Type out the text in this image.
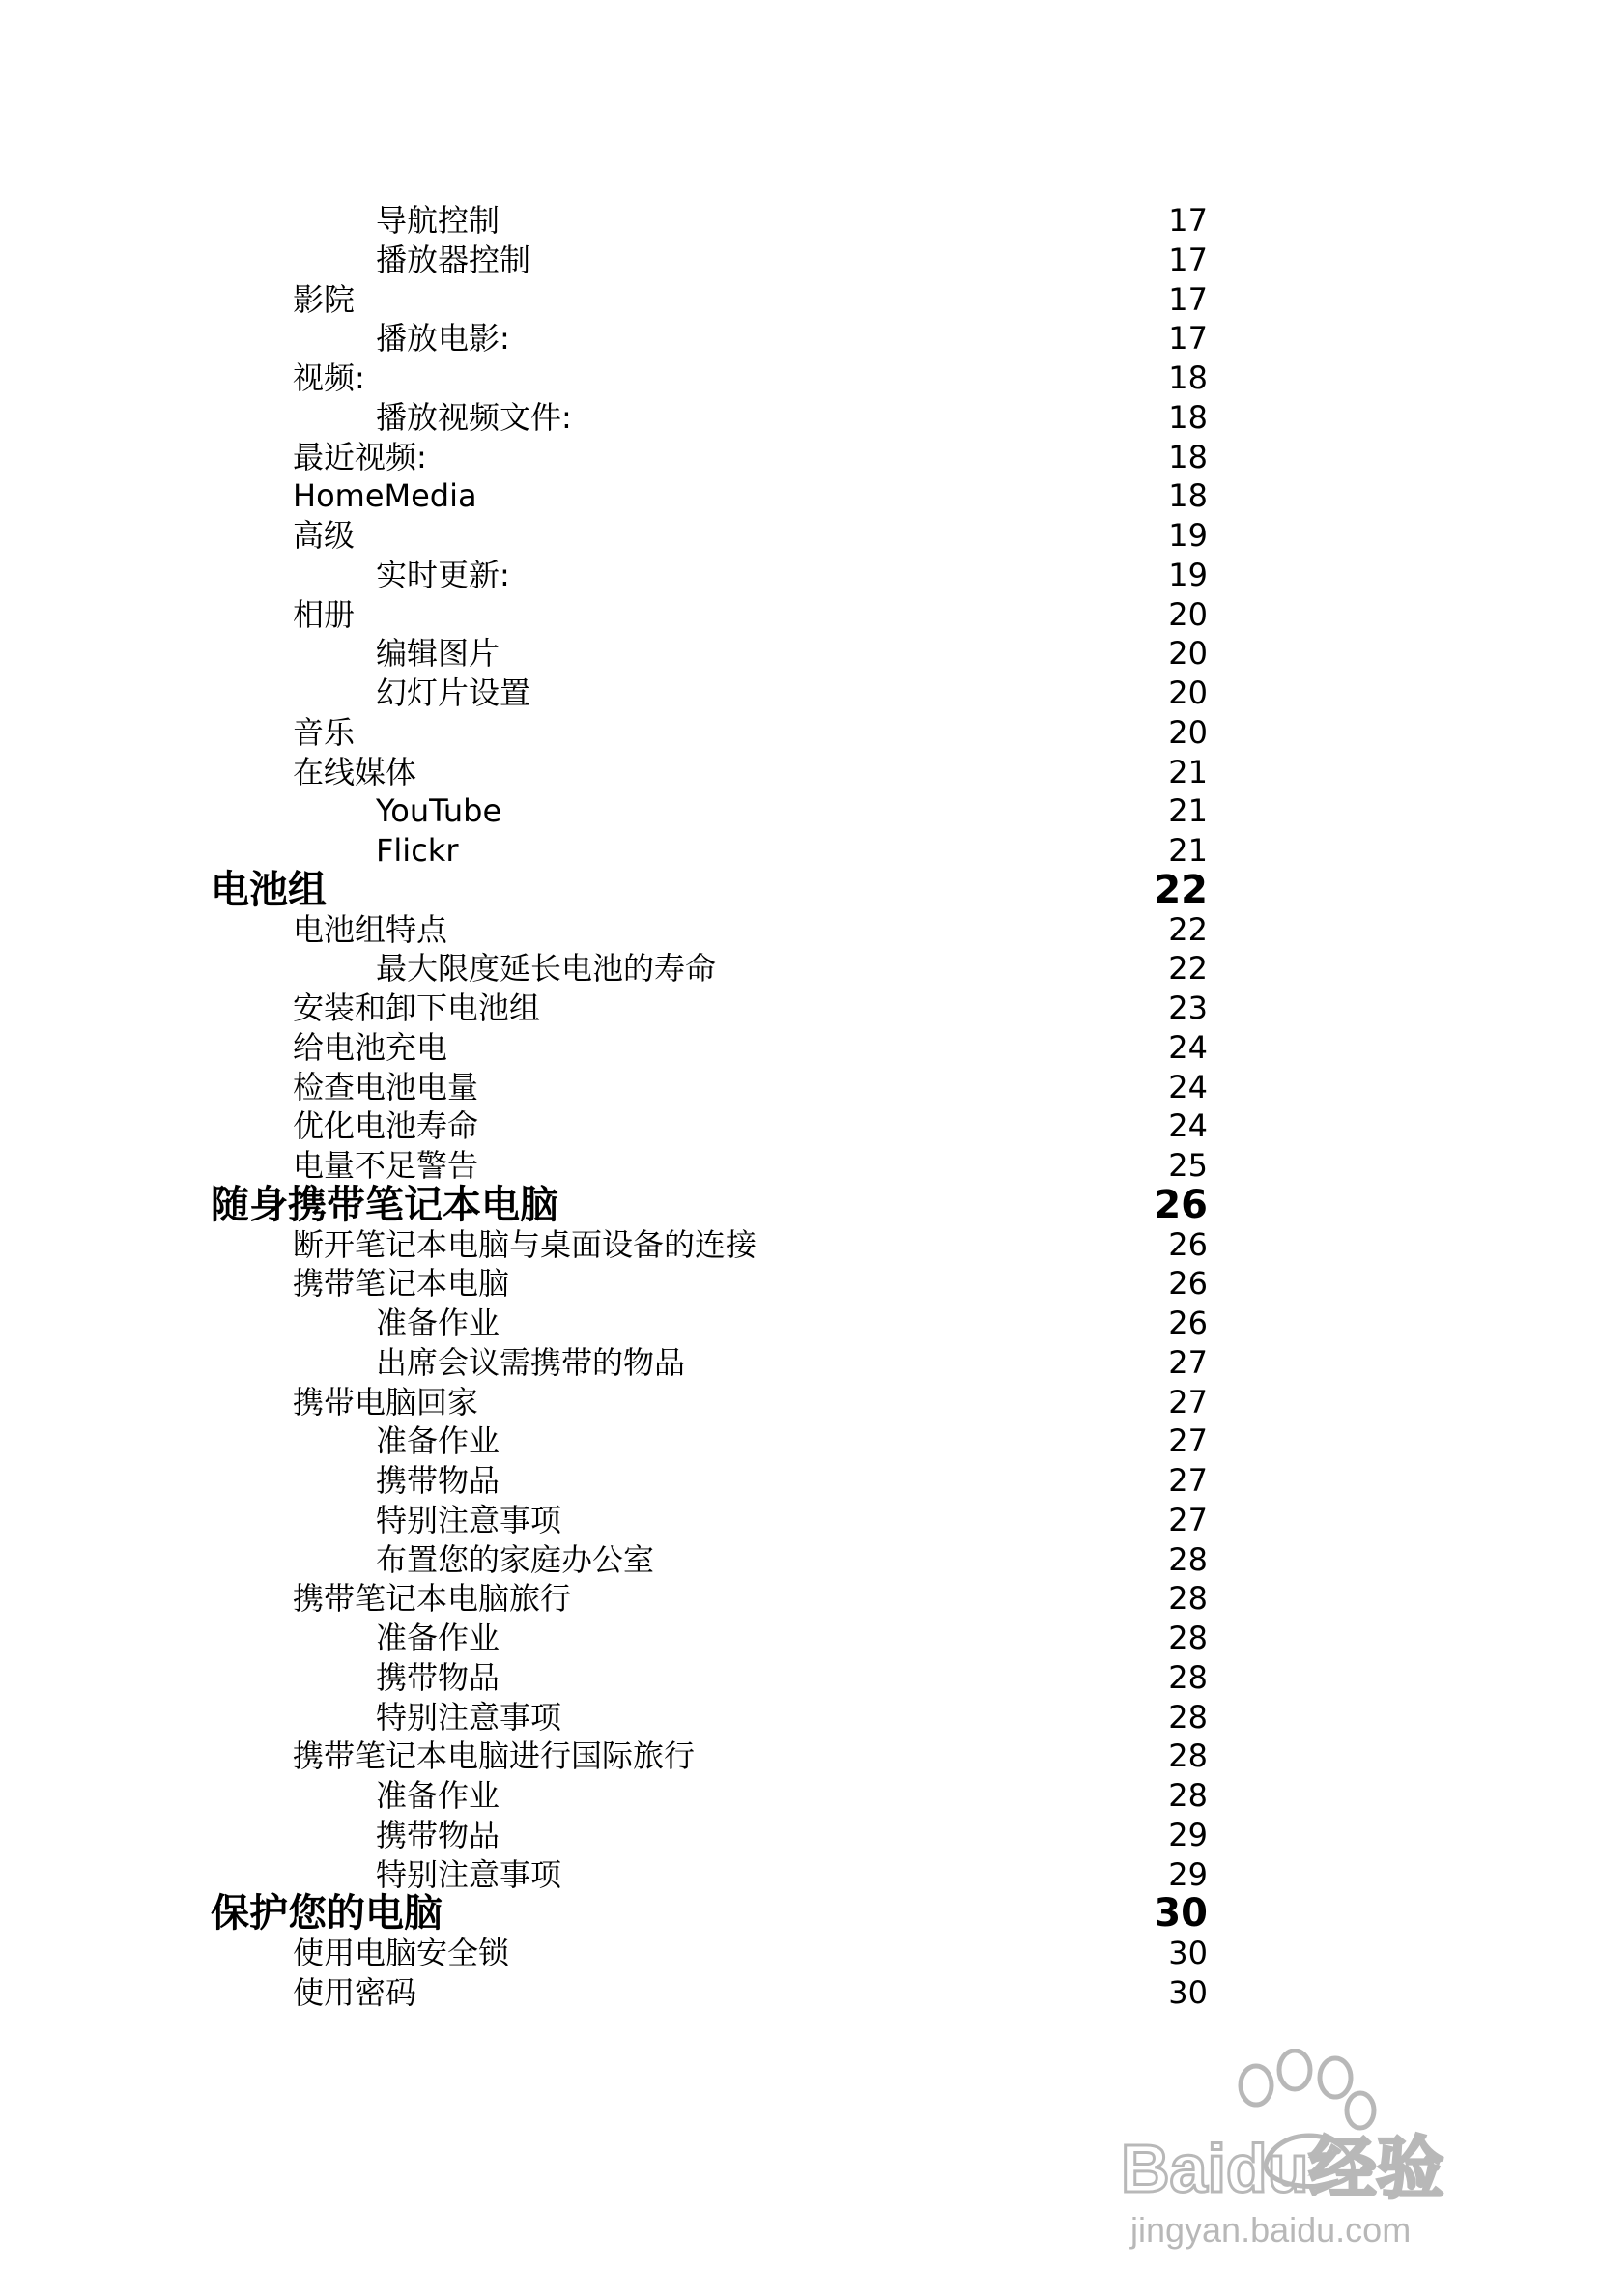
导航控制	17
播放器控制	17
影院	17
播放电影:	17
视频:	18
播放视频文件:	18
最近视频:	18
HomeMedia	18
高级	19
实时更新:	19
相册	20
编辑图片	20
幻灯片设置	20
音乐	20
在线媒体	21
YouTube	21
Flickr	21
电池组	22
电池组特点	22
最大限度延长电池的寿命	22
安装和卸下电池组	23
给电池充电	24
检查电池电量	24
优化电池寿命	24
电量不足警告	25
随身携带笔记本电脑	26
断开笔记本电脑与桌面设备的连接	26
携带笔记本电脑	26
准备作业	26
出席会议需携带的物品	27
携带电脑回家	27
准备作业	27
携带物品	27
特别注意事项	27
布置您的家庭办公室	28
携带笔记本电脑旅行	28
准备作业	28
携带物品	28
特别注意事项	28
携带笔记本电脑进行国际旅行	28
准备作业	28
携带物品	29
特别注意事项	29
保护您的电脑	30
使用电脑安全锁	30
使用密码	30
Baidu经验
jingyan.baidu.com
